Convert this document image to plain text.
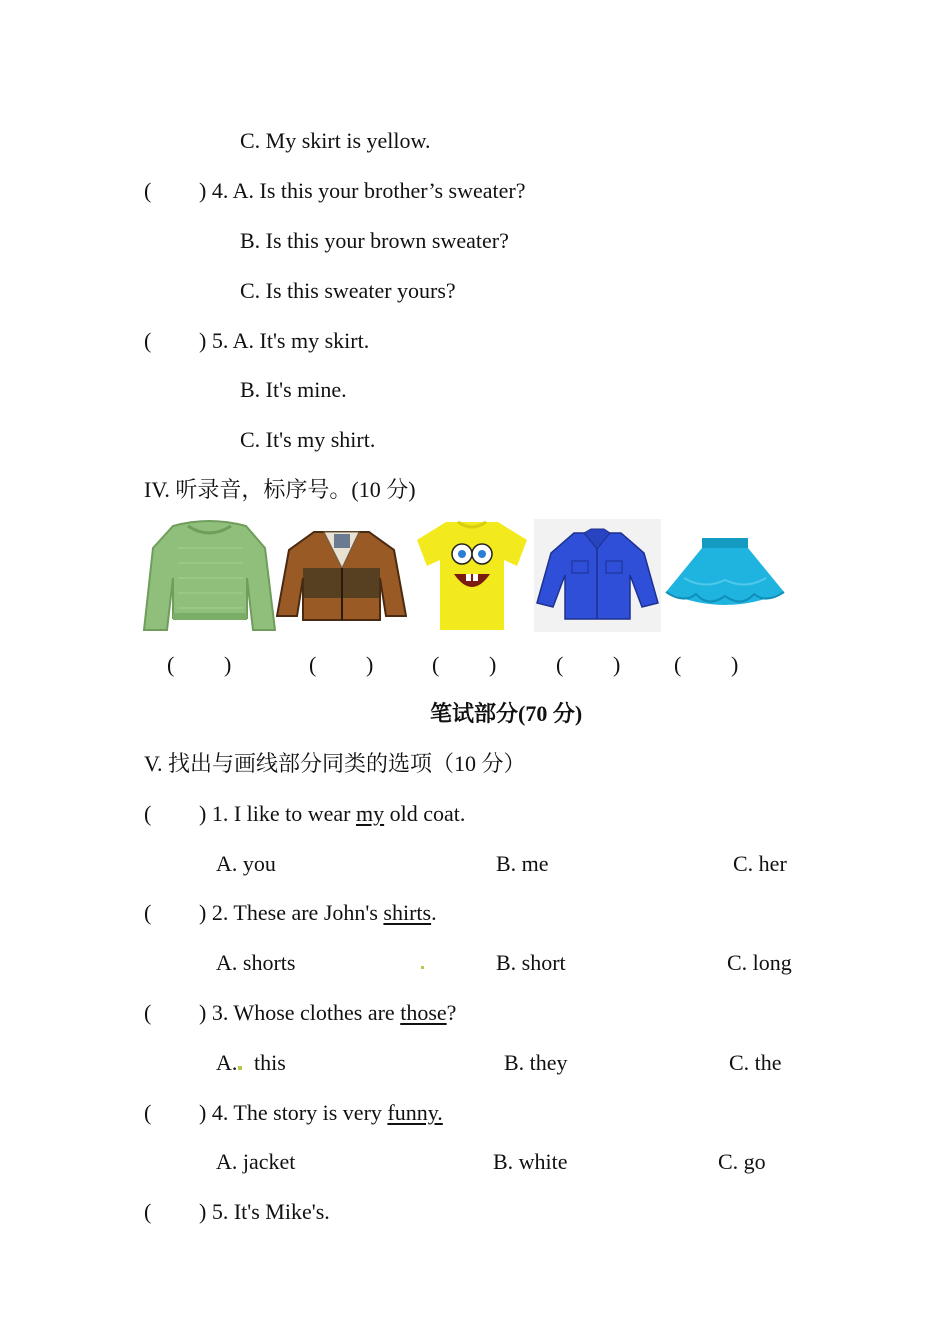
C. My skirt is yellow.
( ) 4. A. Is this your brother’s sweater?
B. Is this your brown sweater?
C. Is this sweater yours?
( ) 5. A. It's my skirt.
B. It's mine.
C. It's my shirt.
IV. 听录音，标序号。(10 分)
( )	( )	( )	( ) ( )
笔试部分(70 分)
V. 找出与画线部分同类的选项（10 分）
( ) 1. I like to wear my old coat.
A. you	B. me	C. her
( ) 2. These are John's shirts.
A. shorts	B. short	C. long
( ) 3. Whose clothes are those?
A. this	B. they	C. the
( ) 4. The story is very funny.
A. jacket	B. white	C. go
( ) 5. It's Mike's.
